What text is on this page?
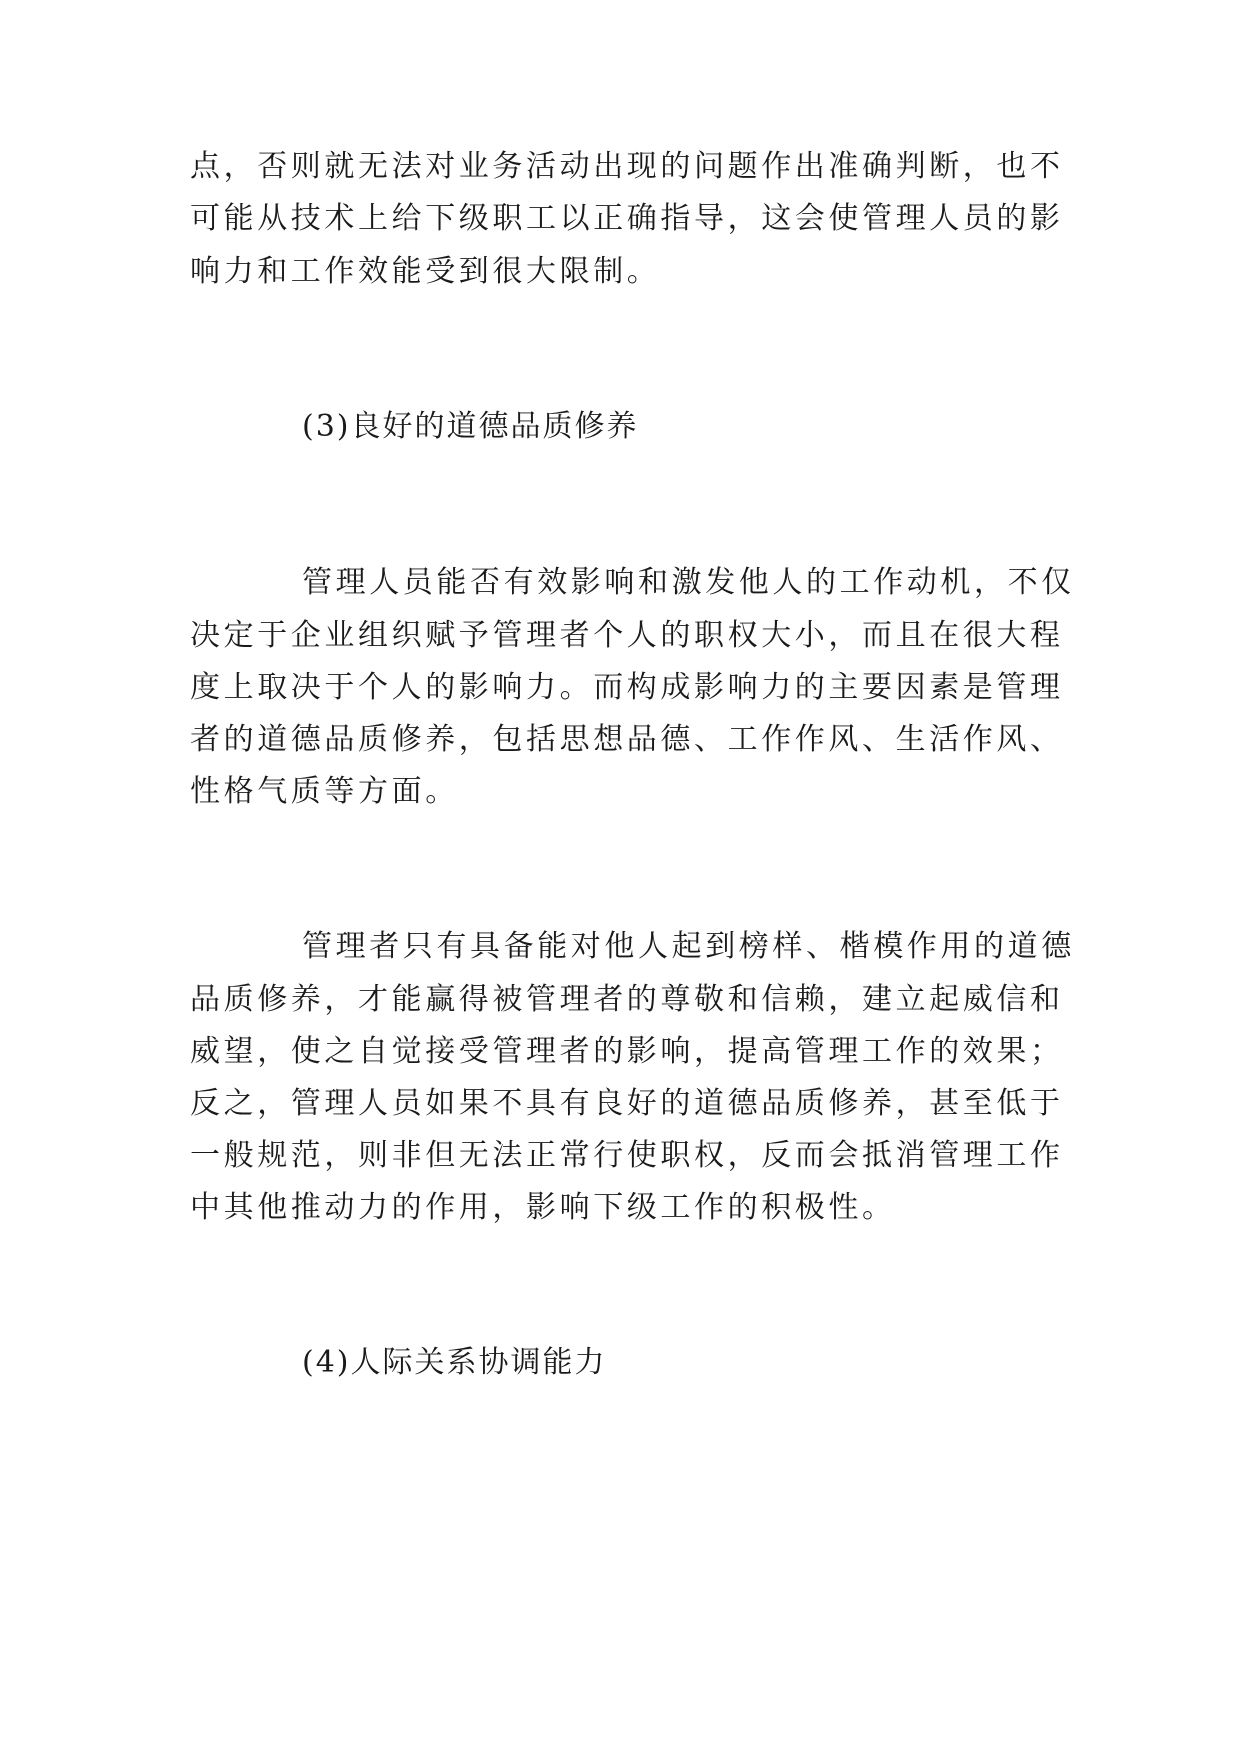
点，否则就无法对业务活动出现的问题作出准确判断，也不
可能从技术上给下级职工以正确指导，这会使管理人员的影
响力和工作效能受到很大限制。
(3)良好的道德品质修养
管理人员能否有效影响和激发他人的工作动机，不仅
决定于企业组织赋予管理者个人的职权大小，而且在很大程
度上取决于个人的影响力。而构成影响力的主要因素是管理
者的道德品质修养，包括思想品德、工作作风、生活作风、
性格气质等方面。
管理者只有具备能对他人起到榜样、楷模作用的道德
品质修养，才能赢得被管理者的尊敬和信赖，建立起威信和
威望，使之自觉接受管理者的影响，提高管理工作的效果；
反之，管理人员如果不具有良好的道德品质修养，甚至低于
一般规范，则非但无法正常行使职权，反而会抵消管理工作
中其他推动力的作用，影响下级工作的积极性。
(4)人际关系协调能力
